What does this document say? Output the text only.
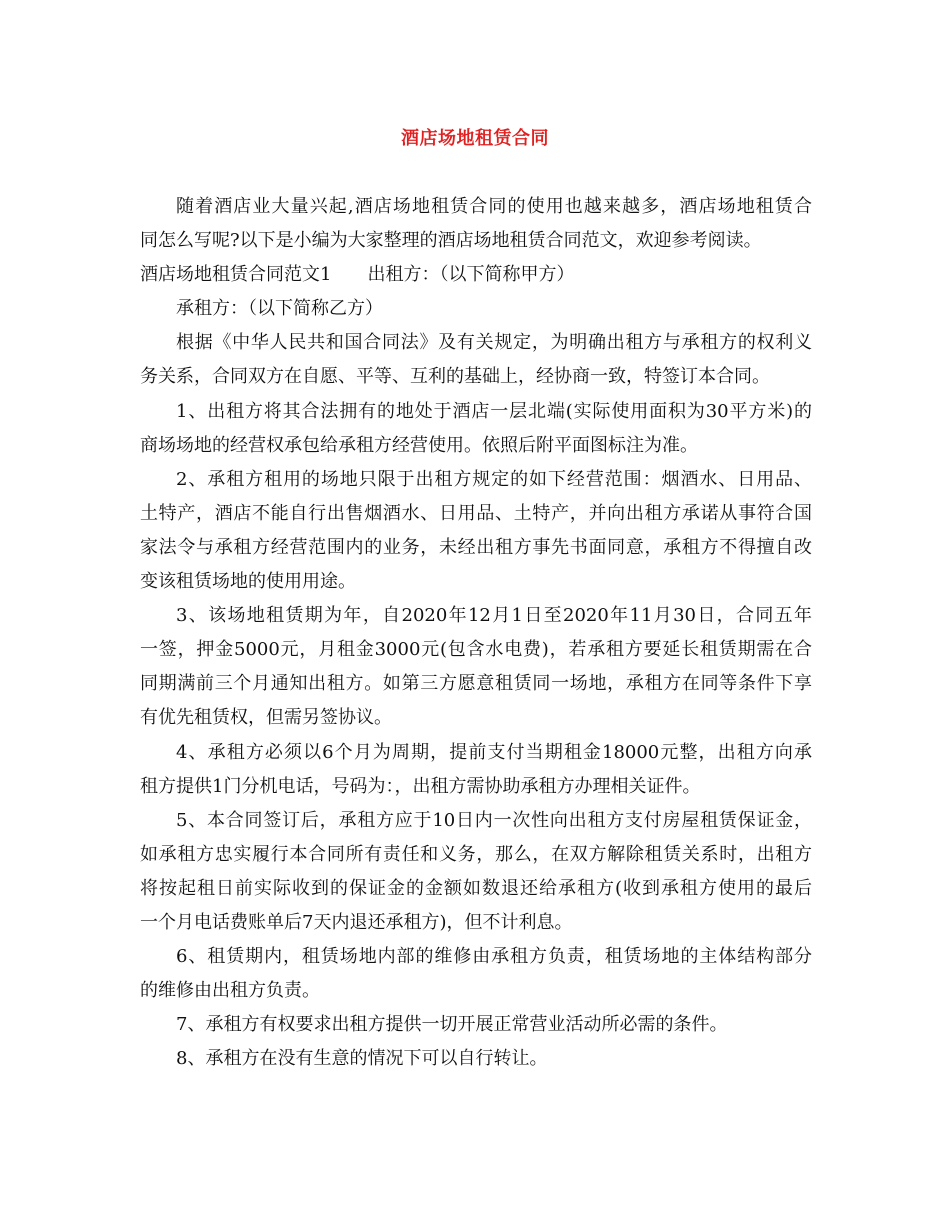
酒店场地租赁合同
随着酒店业大量兴起,酒店场地租赁合同的使用也越来越多，酒店场地租赁合
同怎么写呢?以下是小编为大家整理的酒店场地租赁合同范文，欢迎参考阅读。
酒店场地租赁合同范文1 出租方：（以下简称甲方）
承租方：（以下简称乙方）
根据《中华人民共和国合同法》及有关规定，为明确出租方与承租方的权利义
务关系，合同双方在自愿、平等、互利的基础上，经协商一致，特签订本合同。
1、出租方将其合法拥有的地处于酒店一层北端(实际使用面积为30平方米)的
商场场地的经营权承包给承租方经营使用。依照后附平面图标注为准。
2、承租方租用的场地只限于出租方规定的如下经营范围：烟酒水、日用品、
土特产，酒店不能自行出售烟酒水、日用品、土特产，并向出租方承诺从事符合国
家法令与承租方经营范围内的业务，未经出租方事先书面同意，承租方不得擅自改
变该租赁场地的使用用途。
3、该场地租赁期为年，自2020年12月1日至2020年11月30日，合同五年
一签，押金5000元，月租金3000元(包含水电费)，若承租方要延长租赁期需在合
同期满前三个月通知出租方。如第三方愿意租赁同一场地，承租方在同等条件下享
有优先租赁权，但需另签协议。
4、承租方必须以6个月为周期，提前支付当期租金18000元整，出租方向承
租方提供1门分机电话，号码为：，出租方需协助承租方办理相关证件。
5、本合同签订后，承租方应于10日内一次性向出租方支付房屋租赁保证金，
如承租方忠实履行本合同所有责任和义务，那么，在双方解除租赁关系时，出租方
将按起租日前实际收到的保证金的金额如数退还给承租方(收到承租方使用的最后
一个月电话费账单后7天内退还承租方)，但不计利息。
6、租赁期内，租赁场地内部的维修由承租方负责，租赁场地的主体结构部分
的维修由出租方负责。
7、承租方有权要求出租方提供一切开展正常营业活动所必需的条件。
8、承租方在没有生意的情况下可以自行转让。
